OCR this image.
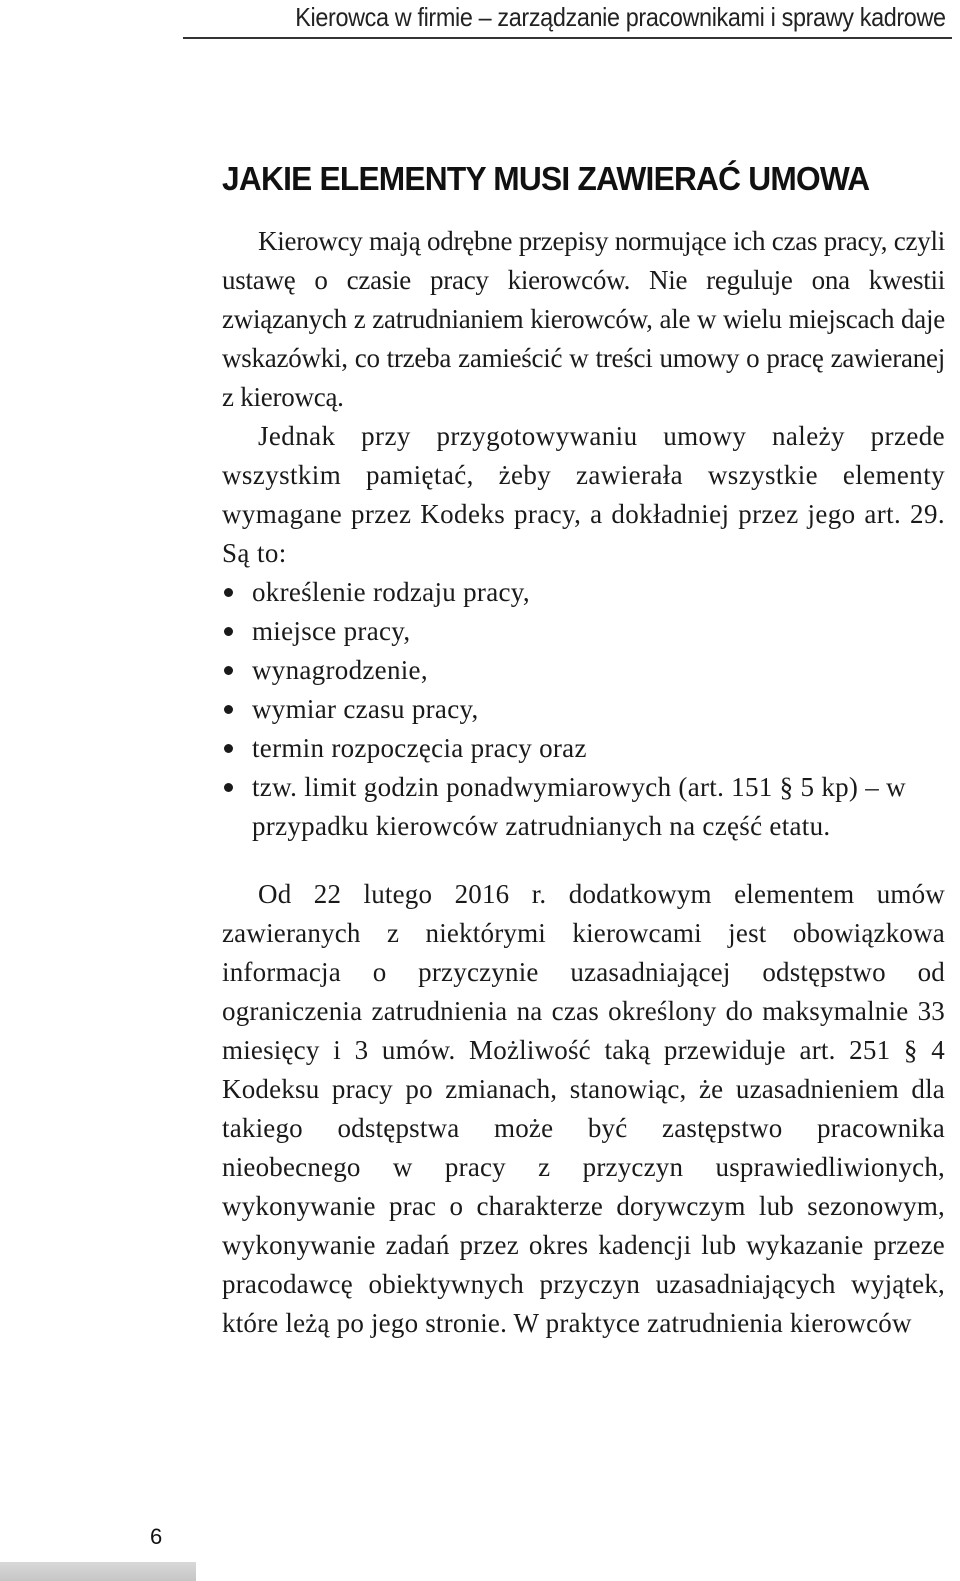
Kierowca w firmie – zarządzanie pracownikami i sprawy kadrowe
JAKIE ELEMENTY MUSI ZAWIERAĆ UMOWA

Kierowcy mają odrębne przepisy normujące ich czas pracy, czyli ustawę o czasie pracy kierowców. Nie reguluje ona kwestii związanych z zatrudnianiem kierowców, ale w wielu miejscach daje wskazówki, co trzeba zamieścić w treści umowy o pracę zawieranej z kierowcą.

Jednak przy przygotowywaniu umowy należy przede wszystkim pamiętać, żeby zawierała wszystkie elementy wymagane przez Kodeks pracy, a dokładniej przez jego art. 29. Są to:

określenie rodzaju pracy,
miejsce pracy,
wynagrodzenie,
wymiar czasu pracy,
termin rozpoczęcia pracy oraz
tzw. limit godzin ponadwymiarowych (art. 151 § 5 kp) – w przypadku kierowców zatrudnianych na część etatu.

Od 22 lutego 2016 r. dodatkowym elementem umów zawieranych z niektórymi kierowcami jest obowiązkowa informacja o przyczynie uzasadniającej odstępstwo od ograniczenia zatrudnienia na czas określony do maksymalnie 33 miesięcy i 3 umów. Możliwość taką przewiduje art. 251 § 4 Kodeksu pracy po zmianach, stanowiąc, że uzasadnieniem dla takiego odstępstwa może być zastępstwo pracownika nieobecnego w pracy z przyczyn usprawiedliwionych, wykonywanie prac o charakterze dorywczym lub sezonowym, wykonywanie zadań przez okres kadencji lub wykazanie przeze pracodawcę obiektywnych przyczyn uzasadniających wyjątek, które leżą po jego stronie. W praktyce zatrudnienia kierowców

6
